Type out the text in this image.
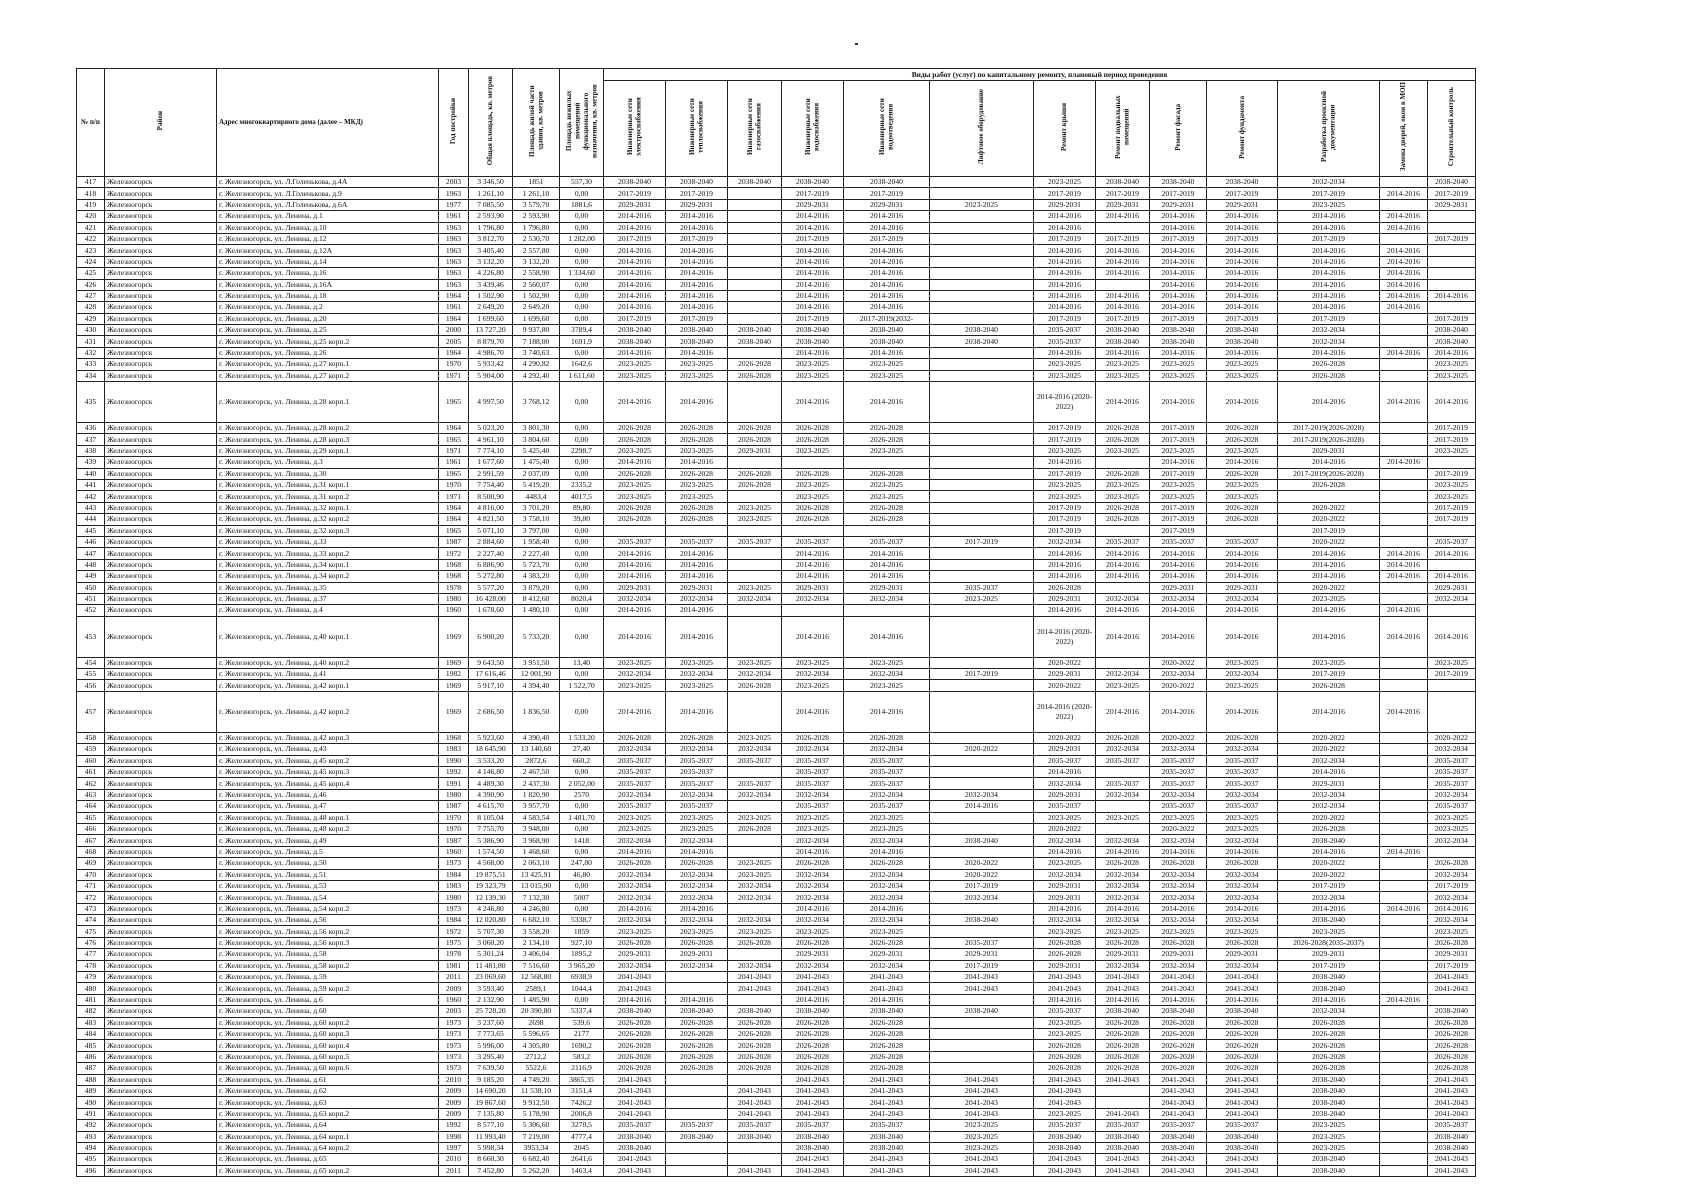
№ п/п	Район	Адрес многоквартирного дома (далее – МКД)	Год постройки	Общая площадь, кв. метров	Площадь жилой части здания, кв. метров	Площадь нежилых помещений функционального назначения, кв. метров	Виды работ (услуг) по капитальному ремонту, плановый период проведения												
							Инженерные сети электроснабжения	Инженерные сети теплоснабжения	Инженерные сети газоснабжения	Инженерные сети водоснабжения	Инженерные сети водоотведения	Лифтовое оборудование	Ремонт крыши	Ремонт подвальных помещений	Ремонт фасада	Ремонт фундамента	Разработка проектной документации	Замена дверей, окон в МОП	Строительный контроль
417	Железногорск	г. Железногорск, ул. Л.Голенькова, д.4А	2003	3 346,50	1851	557,30	2038-2040	2038-2040	2038-2040	2038-2040	2038-2040		2023-2025	2038-2040	2038-2040	2038-2040	2032-2034		2038-2040
418	Железногорск	г. Железногорск, ул. Л.Голенькова, д.9	1963	1 261,10	1 261,10	0,00	2017-2019	2017-2019		2017-2019	2017-2019		2017-2019	2017-2019	2017-2019	2017-2019	2017-2019	2014-2016	2017-2019
419	Железногорск	г. Железногорск, ул. Л.Голенькова, д.6А	1977	7 085,50	3 579,70	1881,6	2029-2031	2029-2031		2029-2031	2029-2031	2023-2025	2029-2031	2029-2031	2029-2031	2029-2031	2023-2025		2029-2031
420	Железногорск	г. Железногорск, ул. Ленина, д.1	1961	2 593,90	2 593,90	0,00	2014-2016	2014-2016		2014-2016	2014-2016		2014-2016	2014-2016	2014-2016	2014-2016	2014-2016	2014-2016	
421	Железногорск	г. Железногорск, ул. Ленина, д.10	1963	1 796,80	1 796,80	0,00	2014-2016	2014-2016		2014-2016	2014-2016		2014-2016		2014-2016	2014-2016	2014-2016	2014-2016	
422	Железногорск	г. Железногорск, ул. Ленина, д.12	1963	3 812,70	2 530,70	1 282,00	2017-2019	2017-2019		2017-2019	2017-2019		2017-2019	2017-2019	2017-2019	2017-2019	2017-2019		2017-2019
423	Железногорск	г. Железногорск, ул. Ленина, д.12А	1963	3 405,40	2 557,80	0,00	2014-2016	2014-2016		2014-2016	2014-2016		2014-2016	2014-2016	2014-2016	2014-2016	2014-2016	2014-2016	
424	Железногорск	г. Железногорск, ул. Ленина, д.14	1963	3 132,20	3 132,20	0,00	2014-2016	2014-2016		2014-2016	2014-2016		2014-2016	2014-2016	2014-2016	2014-2016	2014-2016	2014-2016	
425	Железногорск	г. Железногорск, ул. Ленина, д.16	1963	4 226,80	2 558,90	1 334,60	2014-2016	2014-2016		2014-2016	2014-2016		2014-2016	2014-2016	2014-2016	2014-2016	2014-2016	2014-2016	
426	Железногорск	г. Железногорск, ул. Ленина, д.16А	1963	3 439,46	2 560,07	0,00	2014-2016	2014-2016		2014-2016	2014-2016		2014-2016		2014-2016	2014-2016	2014-2016	2014-2016	
427	Железногорск	г. Железногорск, ул. Ленина, д.18	1964	1 502,90	1 502,90	0,00	2014-2016	2014-2016		2014-2016	2014-2016		2014-2016	2014-2016	2014-2016	2014-2016	2014-2016	2014-2016	2014-2016
428	Железногорск	г. Железногорск, ул. Ленина, д.2	1961	2 649,20	2 649,20	0,00	2014-2016	2014-2016		2014-2016	2014-2016		2014-2016	2014-2016	2014-2016	2014-2016	2014-2016	2014-2016	
429	Железногорск	г. Железногорск, ул. Ленина, д.20	1964	1 699,60	1 699,60	0,00	2017-2019	2017-2019		2017-2019	2017-2019(2032-		2017-2019	2017-2019	2017-2019	2017-2019	2017-2019		2017-2019
430	Железногорск	г. Железногорск, ул. Ленина, д.25	2000	13 727,20	9 937,80	3789,4	2038-2040	2038-2040	2038-2040	2038-2040	2038-2040	2038-2040	2035-2037	2038-2040	2038-2040	2038-2040	2032-2034		2038-2040
431	Железногорск	г. Железногорск, ул. Ленина, д.25 корп.2	2005	8 879,70	7 188,00	1691,9	2038-2040	2038-2040	2038-2040	2038-2040	2038-2040	2038-2040	2035-2037	2038-2040	2038-2040	2038-2040	2032-2034		2038-2040
432	Железногорск	г. Железногорск, ул. Ленина, д.26	1964	4 986,70	3 740,63	0,00	2014-2016	2014-2016		2014-2016	2014-2016		2014-2016	2014-2016	2014-2016	2014-2016	2014-2016	2014-2016	2014-2016
433	Железногорск	г. Железногорск, ул. Ленина, д.27 корп.1	1970	5 933,42	4 290,82	1642,6	2023-2025	2023-2025	2026-2028	2023-2025	2023-2025		2023-2025	2023-2025	2023-2025	2023-2025	2026-2028		2023-2025
434	Железногорск	г. Железногорск, ул. Ленина, д.27 корп.2	1971	5 904,00	4 292,40	1 611,60	2023-2025	2023-2025	2026-2028	2023-2025	2023-2025		2023-2025	2023-2025	2023-2025	2023-2025	2026-2028		2023-2025
435	Железногорск	г. Железногорск, ул. Ленина, д.28 корп.1	1965	4 997,50	3 768,12	0,00	2014-2016	2014-2016		2014-2016	2014-2016		2014-2016 (2020-2022)	2014-2016	2014-2016	2014-2016	2014-2016	2014-2016	2014-2016
436	Железногорск	г. Железногорск, ул. Ленина, д.28 корп.2	1964	5 023,20	3 801,30	0,00	2026-2028	2026-2028	2026-2028	2026-2028	2026-2028		2017-2019	2026-2028	2017-2019	2026-2028	2017-2019(2026-2028)		2017-2019
437	Железногорск	г. Железногорск, ул. Ленина, д.28 корп.3	1965	4 961,10	3 804,60	0,00	2026-2028	2026-2028	2026-2028	2026-2028	2026-2028		2017-2019	2026-2028	2017-2019	2026-2028	2017-2019(2026-2028)		2017-2019
438	Железногорск	г. Железногорск, ул. Ленина, д.29 корп.1	1971	7 774,10	5 425,40	2298,7	2023-2025	2023-2025	2029-2031	2023-2025	2023-2025		2023-2025	2023-2025	2023-2025	2023-2025	2029-2031		2023-2025
439	Железногорск	г. Железногорск, ул. Ленина, д.3	1961	1 677,60	1 475,40	0,00	2014-2016	2014-2016					2014-2016		2014-2016	2014-2016	2014-2016	2014-2016	
440	Железногорск	г. Железногорск, ул. Ленина, д.30	1965	2 991,59	2 037,09	0,00	2026-2028	2026-2028	2026-2028	2026-2028	2026-2028		2017-2019	2026-2028	2017-2019	2026-2028	2017-2019(2026-2028)		2017-2019
441	Железногорск	г. Железногорск, ул. Ленина, д.31 корп.1	1970	7 754,40	5 419,20	2335,2	2023-2025	2023-2025	2026-2028	2023-2025	2023-2025		2023-2025	2023-2025	2023-2025	2023-2025	2026-2028		2023-2025
442	Железногорск	г. Железногорск, ул. Ленина, д.31 корп.2	1971	8 500,90	4483,4	4017,5	2023-2025	2023-2025		2023-2025	2023-2025		2023-2025	2023-2025	2023-2025	2023-2025			2023-2025
443	Железногорск	г. Железногорск, ул. Ленина, д.32 корп.1	1964	4 816,00	3 701,20	89,80	2026-2028	2026-2028	2023-2025	2026-2028	2026-2028		2017-2019	2026-2028	2017-2019	2026-2028	2020-2022		2017-2019
444	Железногорск	г. Железногорск, ул. Ленина, д.32 корп.2	1964	4 821,50	3 758,10	39,80	2026-2028	2026-2028	2023-2025	2026-2028	2026-2028		2017-2019	2026-2028	2017-2019	2026-2028	2020-2022		2017-2019
445	Железногорск	г. Железногорск, ул. Ленина, д.32 корп.3	1965	5 071,10	3 797,00	0,00							2017-2019		2017-2019		2017-2019		
446	Железногорск	г. Железногорск, ул. Ленина, д.33	1987	2 884,60	1 958,40	0,00	2035-2037	2035-2037	2035-2037	2035-2037	2035-2037	2017-2019	2032-2034	2035-2037	2035-2037	2035-2037	2020-2022		2035-2037
447	Железногорск	г. Железногорск, ул. Ленина, д.33 корп.2	1972	2 227,40	2 227,40	0,00	2014-2016	2014-2016		2014-2016	2014-2016		2014-2016	2014-2016	2014-2016	2014-2016	2014-2016	2014-2016	2014-2016
448	Железногорск	г. Железногорск, ул. Ленина, д.34 корп.1	1968	6 886,90	5 723,70	0,00	2014-2016	2014-2016		2014-2016	2014-2016		2014-2016	2014-2016	2014-2016	2014-2016	2014-2016	2014-2016	
449	Железногорск	г. Железногорск, ул. Ленина, д.34 корп.2	1968	5 272,80	4 383,20	0,00	2014-2016	2014-2016		2014-2016	2014-2016		2014-2016	2014-2016	2014-2016	2014-2016	2014-2016	2014-2016	2014-2016
450	Железногорск	г. Железногорск, ул. Ленина, д.35	1978	5 577,20	3 879,20	0,00	2029-2031	2029-2031	2023-2025	2029-2031	2029-2031	2035-2037	2026-2028		2029-2031	2029-2031	2020-2022		2029-2031
451	Железногорск	г. Железногорск, ул. Ленина, д.37	1980	16 428,00	8 412,60	8020,4	2032-2034	2032-2034	2032-2034	2032-2034	2032-2034	2023-2025	2029-2031	2032-2034	2032-2034	2032-2034	2023-2025		2032-2034
452	Железногорск	г. Железногорск, ул. Ленина, д.4	1960	1 678,60	1 480,10	0,00	2014-2016	2014-2016					2014-2016	2014-2016	2014-2016	2014-2016	2014-2016	2014-2016	
453	Железногорск	г. Железногорск, ул. Ленина, д.40 корп.1	1969	6 900,20	5 733,20	0,00	2014-2016	2014-2016		2014-2016	2014-2016		2014-2016 (2020-2022)	2014-2016	2014-2016	2014-2016	2014-2016	2014-2016	2014-2016
454	Железногорск	г. Железногорск, ул. Ленина, д.40 корп.2	1969	9 643,50	3 951,50	13,40	2023-2025	2023-2025	2023-2025	2023-2025	2023-2025		2020-2022		2020-2022	2023-2025	2023-2025		2023-2025
455	Железногорск	г. Железногорск, ул. Ленина, д.41	1982	17 616,46	12 001,90	0,00	2032-2034	2032-2034	2032-2034	2032-2034	2032-2034	2017-2019	2029-2031	2032-2034	2032-2034	2032-2034	2017-2019		2017-2019
456	Железногорск	г. Железногорск, ул. Ленина, д.42 корп.1	1969	5 917,10	4 394,40	1 522,70	2023-2025	2023-2025	2026-2028	2023-2025	2023-2025		2020-2022	2023-2025	2020-2022	2023-2025	2026-2028		
457	Железногорск	г. Железногорск, ул. Ленина, д.42 корп.2	1969	2 686,50	1 836,50	0,00	2014-2016	2014-2016		2014-2016	2014-2016		2014-2016 (2020-2022)	2014-2016	2014-2016	2014-2016	2014-2016	2014-2016	
458	Железногорск	г. Железногорск, ул. Ленина, д.42 корп.3	1968	5 923,60	4 390,40	1 533,20	2026-2028	2026-2028	2023-2025	2026-2028	2026-2028		2020-2022	2026-2028	2020-2022	2026-2028	2020-2022		2020-2022
459	Железногорск	г. Железногорск, ул. Ленина, д.43	1983	18 645,90	13 140,60	27,40	2032-2034	2032-2034	2032-2034	2032-2034	2032-2034	2020-2022	2029-2031	2032-2034	2032-2034	2032-2034	2020-2022		2032-2034
460	Железногорск	г. Железногорск, ул. Ленина, д.45 корп.2	1990	3 533,20	2872,6	660,2	2035-2037	2035-2037	2035-2037	2035-2037	2035-2037		2035-2037	2035-2037	2035-2037	2035-2037	2032-2034		2035-2037
461	Железногорск	г. Железногорск, ул. Ленина, д.45 корп.3	1992	4 146,80	2 467,50	0,00	2035-2037	2035-2037		2035-2037	2035-2037		2014-2016		2035-2037	2035-2037	2014-2016		2035-2037
462	Железногорск	г. Железногорск, ул. Ленина, д.45 корп.4	1991	4 489,30	2 437,30	2 052,00	2035-2037	2035-2037	2035-2037	2035-2037	2035-2037		2032-2034	2035-2037	2035-2037	2035-2037	2029-2031		2035-2037
463	Железногорск	г. Железногорск, ул. Ленина, д.46	1980	4 390,90	1 820,90	2570	2032-2034	2032-2034	2032-2034	2032-2034	2032-2034	2032-2034	2029-2031	2032-2034	2032-2034	2032-2034	2032-2034		2032-2034
464	Железногорск	г. Железногорск, ул. Ленина, д.47	1987	4 615,70	3 957,70	0,00	2035-2037	2035-2037		2035-2037	2035-2037	2014-2016	2035-2037		2035-2037	2035-2037	2032-2034		2035-2037
465	Железногорск	г. Железногорск, ул. Ленина, д.48 корп.1	1970	8 105,04	4 583,54	1 481,70	2023-2025	2023-2025	2023-2025	2023-2025	2023-2025		2023-2025	2023-2025	2023-2025	2023-2025	2020-2022		2023-2025
466	Железногорск	г. Железногорск, ул. Ленина, д.48 корп.2	1970	7 755,70	3 948,00	0,00	2023-2025	2023-2025	2026-2028	2023-2025	2023-2025		2020-2022		2020-2022	2023-2025	2026-2028		2023-2025
467	Железногорск	г. Железногорск, ул. Ленина, д.49	1987	5 386,90	3 968,90	1418	2032-2034	2032-2034		2032-2034	2032-2034	2038-2040	2032-2034	2032-2034	2032-2034	2032-2034	2038-2040		2032-2034
468	Железногорск	г. Железногорск, ул. Ленина, д.5	1960	1 574,50	1 468,60	0,00	2014-2016	2014-2016		2014-2016	2014-2016		2014-2016	2014-2016	2014-2016	2014-2016	2014-2016	2014-2016	
469	Железногорск	г. Железногорск, ул. Ленина, д.50	1973	4 568,00	2 063,10	247,80	2026-2028	2026-2028	2023-2025	2026-2028	2026-2028	2020-2022	2023-2025	2026-2028	2026-2028	2026-2028	2020-2022		2026-2028
470	Железногорск	г. Железногорск, ул. Ленина, д.51	1984	19 875,51	13 425,91	46,80	2032-2034	2032-2034	2023-2025	2032-2034	2032-2034	2020-2022	2032-2034	2032-2034	2032-2034	2032-2034	2020-2022		2032-2034
471	Железногорск	г. Железногорск, ул. Ленина, д.53	1983	19 323,79	13 015,90	0,00	2032-2034	2032-2034	2032-2034	2032-2034	2032-2034	2017-2019	2029-2031	2032-2034	2032-2034	2032-2034	2017-2019		2017-2019
472	Железногорск	г. Железногорск, ул. Ленина, д.54	1980	12 139,30	7 132,30	5007	2032-2034	2032-2034	2032-2034	2032-2034	2032-2034	2032-2034	2029-2031	2032-2034	2032-2034	2032-2034	2032-2034		2032-2034
473	Железногорск	г. Железногорск, ул. Ленина, д.54 корп.2	1973	4 246,80	4 246,80	0,00	2014-2016	2014-2016		2014-2016	2014-2016		2014-2016	2014-2016	2014-2016	2014-2016	2014-2016	2014-2016	2014-2016
474	Железногорск	г. Железногорск, ул. Ленина, д.56	1984	12 020,80	6 682,10	5338,7	2032-2034	2032-2034	2032-2034	2032-2034	2032-2034	2038-2040	2032-2034	2032-2034	2032-2034	2032-2034	2038-2040		2032-2034
475	Железногорск	г. Железногорск, ул. Ленина, д.56 корп.2	1972	5 707,30	3 558,20	1859	2023-2025	2023-2025	2023-2025	2023-2025	2023-2025		2023-2025	2023-2025	2023-2025	2023-2025	2023-2025		2023-2025
476	Железногорск	г. Железногорск, ул. Ленина, д.56 корп.3	1975	3 060,20	2 134,10	927,10	2026-2028	2026-2028	2026-2028	2026-2028	2026-2028	2035-2037	2026-2028	2026-2028	2026-2028	2026-2028	2026-2028(2035-2037)		2026-2028
477	Железногорск	г. Железногорск, ул. Ленина, д.58	1978	5 301,24	3 406,04	1895,2	2029-2031	2029-2031		2029-2031	2029-2031	2029-2031	2026-2028	2029-2031	2029-2031	2029-2031	2029-2031		2029-2031
478	Железногорск	г. Железногорск, ул. Ленина, д.58 корп.2	1981	11 481,80	7 516,60	3 965,20	2032-2034	2032-2034	2032-2034	2032-2034	2032-2034	2017-2019	2029-2031	2032-2034	2032-2034	2032-2034	2017-2019		2017-2019
479	Железногорск	г. Железногорск, ул. Ленина, д.59	2011	23 069,60	12 568,80	6938,9	2041-2043		2041-2043	2041-2043	2041-2043	2041-2043	2041-2043	2041-2043	2041-2043	2041-2043	2038-2040		2041-2043
480	Железногорск	г. Железногорск, ул. Ленина, д.59 корп.2	2009	3 593,40	2589,1	1044,4	2041-2043		2041-2043	2041-2043	2041-2043	2041-2043	2041-2043	2041-2043	2041-2043	2041-2043	2038-2040		2041-2043
481	Железногорск	г. Железногорск, ул. Ленина, д.6	1960	2 132,90	1 485,90	0,00	2014-2016	2014-2016		2014-2016	2014-2016		2014-2016	2014-2016	2014-2016	2014-2016	2014-2016	2014-2016	
482	Железногорск	г. Железногорск, ул. Ленина, д.60	2003	25 728,20	20 390,80	5337,4	2038-2040	2038-2040	2038-2040	2038-2040	2038-2040	2038-2040	2035-2037	2038-2040	2038-2040	2038-2040	2032-2034		2038-2040
483	Железногорск	г. Железногорск, ул. Ленина, д.60 корп.2	1973	3 237,60	2698	539,6	2026-2028	2026-2028	2026-2028	2026-2028	2026-2028		2023-2025	2026-2028	2026-2028	2026-2028	2026-2028		2026-2028
484	Железногорск	г. Железногорск, ул. Ленина, д.60 корп.3	1973	7 773,65	5 596,65	2177	2026-2028	2026-2028	2026-2028	2026-2028	2026-2028		2023-2025	2026-2028	2026-2028	2026-2028	2026-2028		2026-2028
485	Железногорск	г. Железногорск, ул. Ленина, д.60 корп.4	1973	5 996,00	4 305,80	1690,2	2026-2028	2026-2028	2026-2028	2026-2028	2026-2028		2026-2028	2026-2028	2026-2028	2026-2028	2026-2028		2026-2028
486	Железногорск	г. Железногорск, ул. Ленина, д.60 корп.5	1973	3 295,40	2712,2	583,2	2026-2028	2026-2028	2026-2028	2026-2028	2026-2028		2026-2028	2026-2028	2026-2028	2026-2028	2026-2028		2026-2028
487	Железногорск	г. Железногорск, ул. Ленина, д.60 корп.6	1973	7 639,50	5522,6	2116,9	2026-2028	2026-2028	2026-2028	2026-2028	2026-2028		2026-2028	2026-2028	2026-2028	2026-2028	2026-2028		2026-2028
488	Железногорск	г. Железногорск, ул. Ленина, д.61	2010	9 185,20	4 749,20	3865,35	2041-2043			2041-2043	2041-2043	2041-2043	2041-2043	2041-2043	2041-2043	2041-2043	2038-2040		2041-2043
489	Железногорск	г. Железногорск, ул. Ленина, д.62	2009	14 690,20	11 538,10	3151,4	2041-2043		2041-2043	2041-2043	2041-2043	2041-2043	2041-2043		2041-2043	2041-2043	2038-2040		2041-2043
490	Железногорск	г. Железногорск, ул. Ленина, д.63	2009	19 867,60	9 912,50	7426,2	2041-2043		2041-2043	2041-2043	2041-2043	2041-2043	2041-2043		2041-2043	2041-2043	2038-2040		2041-2043
491	Железногорск	г. Железногорск, ул. Ленина, д.63 корп.2	2009	7 135,80	5 178,90	2006,8	2041-2043		2041-2043	2041-2043	2041-2043	2041-2043	2023-2025	2041-2043	2041-2043	2041-2043	2038-2040		2041-2043
492	Железногорск	г. Железногорск, ул. Ленина, д.64	1992	8 577,10	5 306,60	3270,5	2035-2037	2035-2037	2035-2037	2035-2037	2035-2037	2023-2025	2035-2037	2035-2037	2035-2037	2035-2037	2023-2025		2035-2037
493	Железногорск	г. Железногорск, ул. Ленина, д.64 корп.1	1998	11 993,40	7 219,00	4777,4	2038-2040	2038-2040	2038-2040	2038-2040	2038-2040	2023-2025	2038-2040	2038-2040	2038-2040	2038-2040	2023-2025		2038-2040
494	Железногорск	г. Железногорск, ул. Ленина, д.64 корп.2	1997	5 998,34	3953,34	2045	2038-2040			2038-2040	2038-2040	2023-2025	2038-2040	2038-2040	2038-2040	2038-2040	2023-2025		2038-2040
495	Железногорск	г. Железногорск, ул. Ленина, д.65	2010	8 660,30	6 682,40	2641,6	2041-2043			2041-2043	2041-2043	2041-2043	2041-2043	2041-2043	2041-2043	2041-2043	2038-2040		2041-2043
496	Железногорск	г. Железногорск, ул. Ленина, д.65 корп.2	2011	7 452,80	5 262,20	1463,4	2041-2043		2041-2043	2041-2043	2041-2043	2041-2043	2041-2043	2041-2043	2041-2043	2041-2043	2038-2040		2041-2043
